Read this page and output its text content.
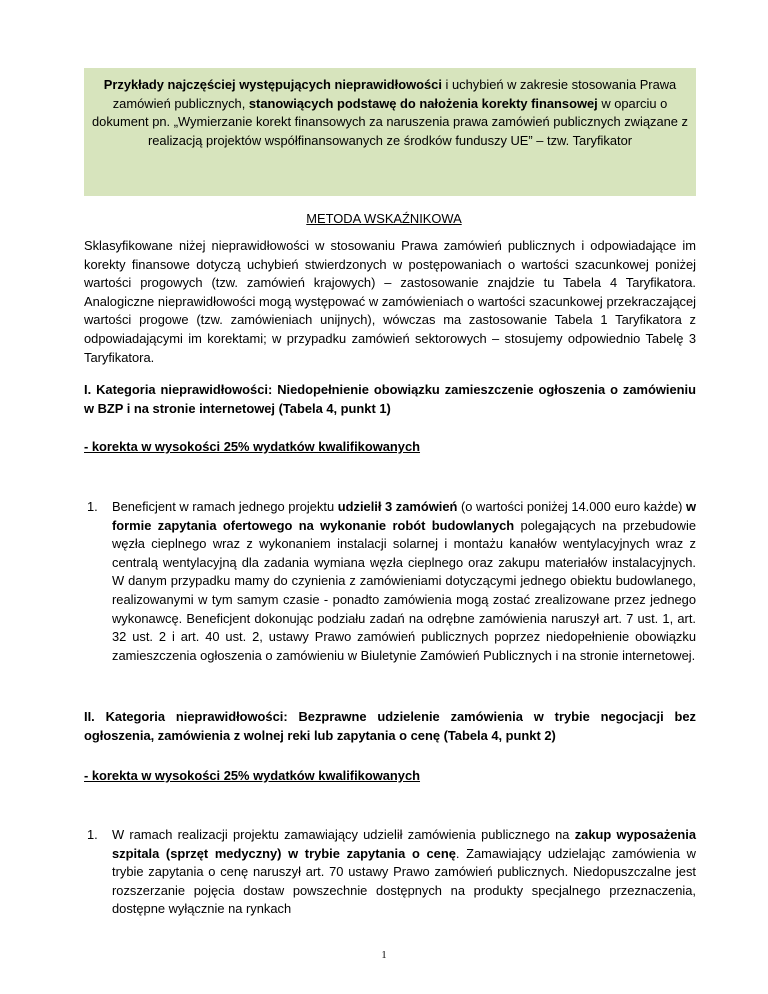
Przykłady najczęściej występujących nieprawidłowości i uchybień w zakresie stosowania Prawa zamówień publicznych, stanowiących podstawę do nałożenia korekty finansowej w oparciu o dokument pn. „Wymierzanie korekt finansowych za naruszenia prawa zamówień publicznych związane z realizacją projektów współfinansowanych ze środków funduszy UE” – tzw. Taryfikator
METODA WSKAŹNIKOWA
Sklasyfikowane niżej nieprawidłowości w stosowaniu Prawa zamówień publicznych i odpowiadające im korekty finansowe dotyczą uchybień stwierdzonych w postępowaniach o wartości szacunkowej poniżej wartości progowych (tzw. zamówień krajowych) – zastosowanie znajdzie tu Tabela 4 Taryfikatora. Analogiczne nieprawidłowości mogą występować w zamówieniach o wartości szacunkowej przekraczającej wartości progowe (tzw. zamówieniach unijnych), wówczas ma zastosowanie Tabela 1 Taryfikatora z odpowiadającymi im korektami; w przypadku zamówień sektorowych – stosujemy odpowiednio Tabelę 3 Taryfikatora.
I. Kategoria nieprawidłowości: Niedopełnienie obowiązku zamieszczenie ogłoszenia o zamówieniu w BZP i na stronie internetowej (Tabela 4, punkt 1)
- korekta w wysokości 25% wydatków kwalifikowanych
1. Beneficjent w ramach jednego projektu udzielił 3 zamówień (o wartości poniżej 14.000 euro każde) w formie zapytania ofertowego na wykonanie robót budowlanych polegających na przebudowie węzła cieplnego wraz z wykonaniem instalacji solarnej i montażu kanałów wentylacyjnych wraz z centralą wentylacyjną dla zadania wymiana węzła cieplnego oraz zakupu materiałów instalacyjnych. W danym przypadku mamy do czynienia z zamówieniami dotyczącymi jednego obiektu budowlanego, realizowanymi w tym samym czasie - ponadto zamówienia mogą zostać zrealizowane przez jednego wykonawcę. Beneficjent dokonując podziału zadań na odrębne zamówienia naruszył art. 7 ust. 1, art. 32 ust. 2 i art. 40 ust. 2, ustawy Prawo zamówień publicznych poprzez niedopełnienie obowiązku zamieszczenia ogłoszenia o zamówieniu w Biuletynie Zamówień Publicznych i na stronie internetowej.
II. Kategoria nieprawidłowości: Bezprawne udzielenie zamówienia w trybie negocjacji bez ogłoszenia, zamówienia z wolnej reki lub zapytania o cenę (Tabela 4, punkt 2)
- korekta w wysokości 25% wydatków kwalifikowanych
1. W ramach realizacji projektu zamawiający udzielił zamówienia publicznego na zakup wyposażenia szpitala (sprzęt medyczny) w trybie zapytania o cenę. Zamawiający udzielając zamówienia w trybie zapytania o cenę naruszył art. 70 ustawy Prawo zamówień publicznych. Niedopuszczalne jest rozszerzanie pojęcia dostaw powszechnie dostępnych na produkty specjalnego przeznaczenia, dostępne wyłącznie na rynkach
1
